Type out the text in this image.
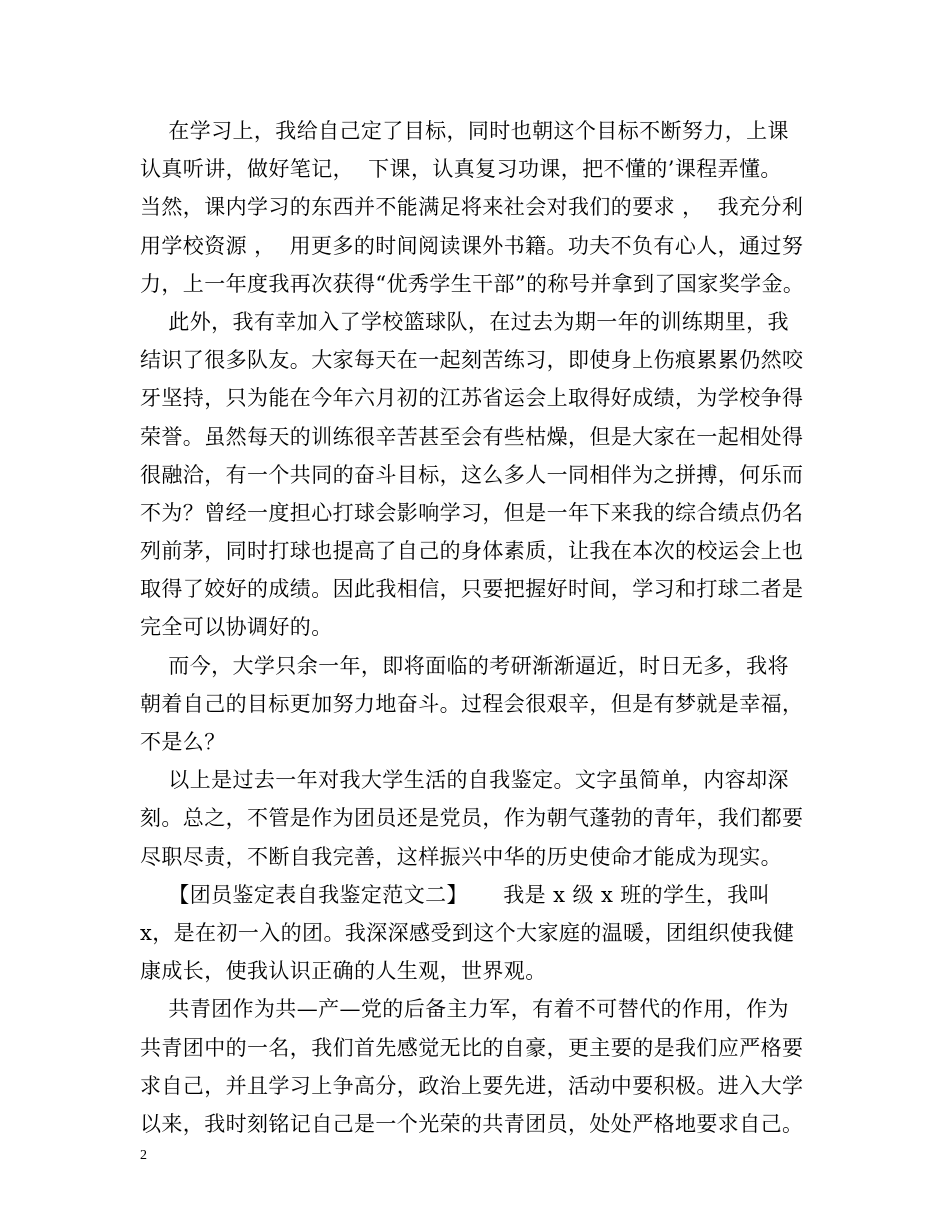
在学习上，我给自己定了目标，同时也朝这个目标不断努力，上课
认真听讲，做好笔记，  下课，认真复习功课，把不懂的’课程弄懂。
当然，课内学习的东西并不能满足将来社会对我们的要求 ，  我充分利
用学校资源 ，  用更多的时间阅读课外书籍。功夫不负有心人，通过努
力，上一年度我再次获得“优秀学生干部”的称号并拿到了国家奖学金。
此外，我有幸加入了学校篮球队，在过去为期一年的训练期里，我
结识了很多队友。大家每天在一起刻苦练习，即使身上伤痕累累仍然咬
牙坚持，只为能在今年六月初的江苏省运会上取得好成绩，为学校争得
荣誉。虽然每天的训练很辛苦甚至会有些枯燥，但是大家在一起相处得
很融洽，有一个共同的奋斗目标，这么多人一同相伴为之拼搏，何乐而
不为？曾经一度担心打球会影响学习，但是一年下来我的综合绩点仍名
列前茅，同时打球也提高了自己的身体素质，让我在本次的校运会上也
取得了姣好的成绩。因此我相信，只要把握好时间，学习和打球二者是
完全可以协调好的。
而今，大学只余一年，即将面临的考研渐渐逼近，时日无多，我将
朝着自己的目标更加努力地奋斗。过程会很艰辛，但是有梦就是幸福，
不是么？
以上是过去一年对我大学生活的自我鉴定。文字虽简单，内容却深
刻。总之，不管是作为团员还是党员，作为朝气蓬勃的青年，我们都要
尽职尽责，不断自我完善，这样振兴中华的历史使命才能成为现实。
【团员鉴定表自我鉴定范文二】     我是 x 级 x 班的学生，我叫
x，是在初一入的团。我深深感受到这个大家庭的温暖，团组织使我健
康成长，使我认识正确的人生观，世界观。
共青团作为共—产—党的后备主力军，有着不可替代的作用，作为
共青团中的一名，我们首先感觉无比的自豪，更主要的是我们应严格要
求自己，并且学习上争高分，政治上要先进，活动中要积极。进入大学
以来，我时刻铭记自己是一个光荣的共青团员，处处严格地要求自己。
2
